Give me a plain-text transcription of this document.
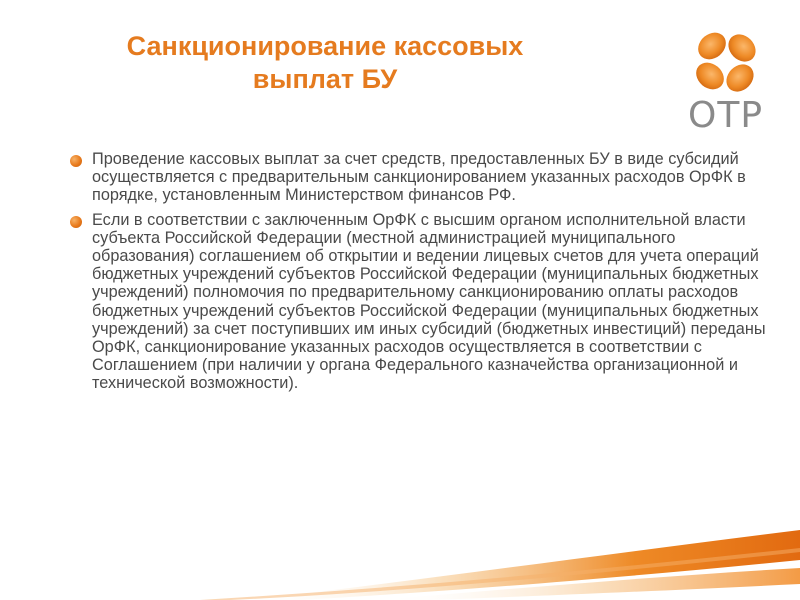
Санкционирование кассовых
выплат БУ
ОТР
Проведение кассовых выплат за счет средств, предоставленных БУ в виде субсидий осуществляется с предварительным санкционированием указанных расходов ОрФК в порядке, установленным Министерством финансов РФ.
Если в соответствии с заключенным ОрФК с высшим органом исполнительной власти субъекта Российской Федерации (местной администрацией муниципального образования) соглашением об открытии и ведении лицевых счетов для учета операций бюджетных учреждений субъектов Российской Федерации (муниципальных бюджетных учреждений) полномочия по предварительному санкционированию оплаты расходов бюджетных учреждений субъектов Российской Федерации (муниципальных бюджетных учреждений) за счет поступивших им иных субсидий (бюджетных инвестиций) переданы ОрФК, санкционирование указанных расходов осуществляется в соответствии с Соглашением (при наличии у органа Федерального казначейства организационной и технической возможности).
